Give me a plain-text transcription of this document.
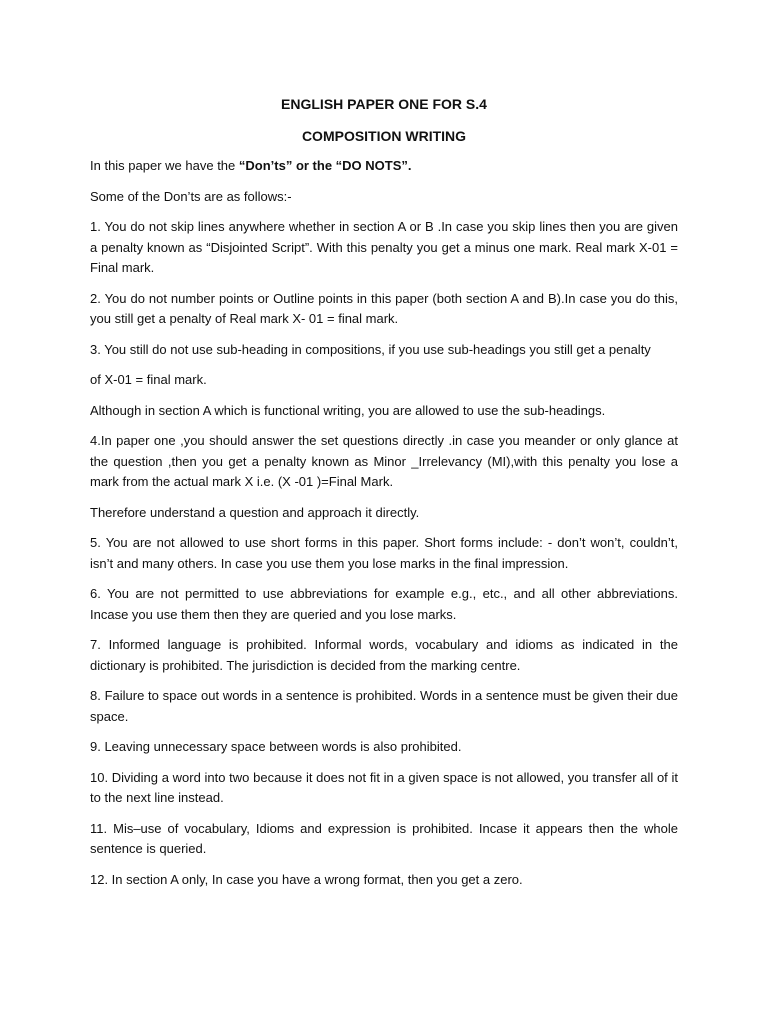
ENGLISH PAPER ONE FOR S.4
COMPOSITION WRITING

In this paper we have the “Don’ts” or the “DO NOTS”.

Some of the Don’ts are as follows:-

1. You do not skip lines anywhere whether in section A or B .In case you skip lines then you are given a penalty known as “Disjointed Script”. With this penalty you get a minus one mark. Real mark X-01 = Final mark.

2. You do not number points or Outline points in this paper (both section A and B).In case you do this, you still get a penalty of Real mark X- 01 = final mark.

3. You still do not use sub-heading in compositions, if you use sub-headings you still get a penalty

of X-01 = final mark.

Although in section A which is functional writing, you are allowed to use the sub-headings.

4.In paper one ,you should answer the set questions directly .in case you meander or only glance at the question ,then you get a penalty known as Minor _Irrelevancy (MI),with this penalty you lose a mark from the actual mark X i.e. (X -01 )=Final Mark.

Therefore understand a question and approach it directly.

5. You are not allowed to use short forms in this paper. Short forms include: - don’t won’t, couldn’t, isn’t and many others. In case you use them you lose marks in the final impression.

6. You are not permitted to use abbreviations for example e.g., etc., and all other abbreviations. Incase you use them then they are queried and you lose marks.

7. Informed language is prohibited. Informal words, vocabulary and idioms as indicated in the dictionary is prohibited. The jurisdiction is decided from the marking centre.

8. Failure to space out words in a sentence is prohibited. Words in a sentence must be given their due space.

9. Leaving unnecessary space between words is also prohibited.

10. Dividing a word into two because it does not fit in a given space is not allowed, you transfer all of it to the next line instead.

11. Mis–use of vocabulary, Idioms and expression is prohibited. Incase it appears then the whole sentence is queried.

12. In section A only, In case you have a wrong format, then you get a zero.
